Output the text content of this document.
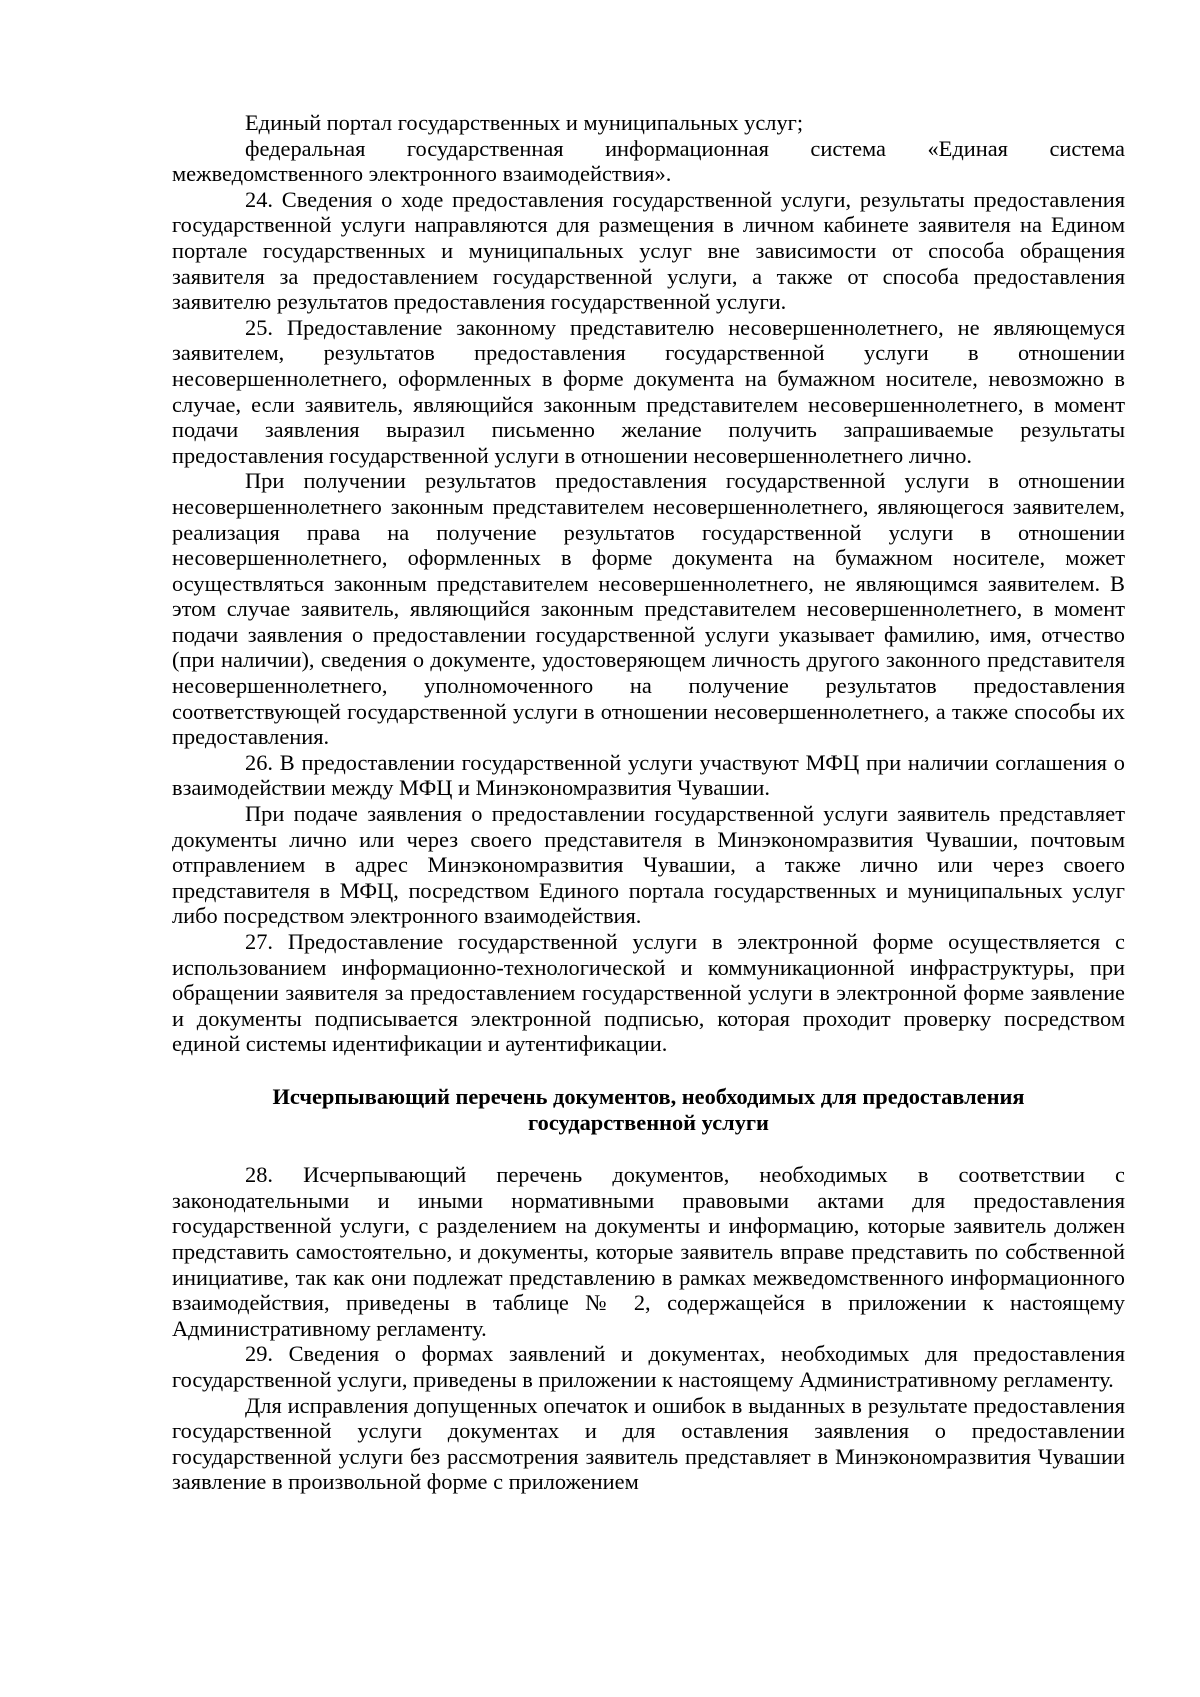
Единый портал государственных и муниципальных услуг;

федеральная государственная информационная система «Единая система межведомственного электронного взаимодействия».

24. Сведения о ходе предоставления государственной услуги, результаты предоставления государственной услуги направляются для размещения в личном кабинете заявителя на Едином портале государственных и муниципальных услуг вне зависимости от способа обращения заявителя за предоставлением государственной услуги, а также от способа предоставления заявителю результатов предоставления государственной услуги.

25. Предоставление законному представителю несовершеннолетнего, не являющемуся заявителем, результатов предоставления государственной услуги в отношении несовершеннолетнего, оформленных в форме документа на бумажном носителе, невозможно в случае, если заявитель, являющийся законным представителем несовершеннолетнего, в момент подачи заявления выразил письменно желание получить запрашиваемые результаты предоставления государственной услуги в отношении несовершеннолетнего лично.

При получении результатов предоставления государственной услуги в отношении несовершеннолетнего законным представителем несовершеннолетнего, являющегося заявителем, реализация права на получение результатов государственной услуги в отношении несовершеннолетнего, оформленных в форме документа на бумажном носителе, может осуществляться законным представителем несовершеннолетнего, не являющимся заявителем. В этом случае заявитель, являющийся законным представителем несовершеннолетнего, в момент подачи заявления о предоставлении государственной услуги указывает фамилию, имя, отчество (при наличии), сведения о документе, удостоверяющем личность другого законного представителя несовершеннолетнего, уполномоченного на получение результатов предоставления соответствующей государственной услуги в отношении несовершеннолетнего, а также способы их предоставления.

26. В предоставлении государственной услуги участвуют МФЦ при наличии соглашения о взаимодействии между МФЦ и Минэкономразвития Чувашии.

При подаче заявления о предоставлении государственной услуги заявитель представляет документы лично или через своего представителя в Минэкономразвития Чувашии, почтовым отправлением в адрес Минэкономразвития Чувашии, а также лично или через своего представителя в МФЦ, посредством Единого портала государственных и муниципальных услуг либо посредством электронного взаимодействия.

27. Предоставление государственной услуги в электронной форме осуществляется с использованием информационно-технологической и коммуникационной инфраструктуры, при обращении заявителя за предоставлением государственной услуги в электронной форме заявление и документы подписывается электронной подписью, которая проходит проверку посредством единой системы идентификации и аутентификации.

Исчерпывающий перечень документов, необходимых для предоставления
государственной услуги

28. Исчерпывающий перечень документов, необходимых в соответствии с законодательными и иными нормативными правовыми актами для предоставления государственной услуги, с разделением на документы и информацию, которые заявитель должен представить самостоятельно, и документы, которые заявитель вправе представить по собственной инициативе, так как они подлежат представлению в рамках межведомственного информационного взаимодействия, приведены в таблице № 2, содержащейся в приложении к настоящему Административному регламенту.

29. Сведения о формах заявлений и документах, необходимых для предоставления государственной услуги, приведены в приложении к настоящему Административному регламенту.

Для исправления допущенных опечаток и ошибок в выданных в результате предоставления государственной услуги документах и для оставления заявления о предоставлении государственной услуги без рассмотрения заявитель представляет в Минэкономразвития Чувашии заявление в произвольной форме с приложением
